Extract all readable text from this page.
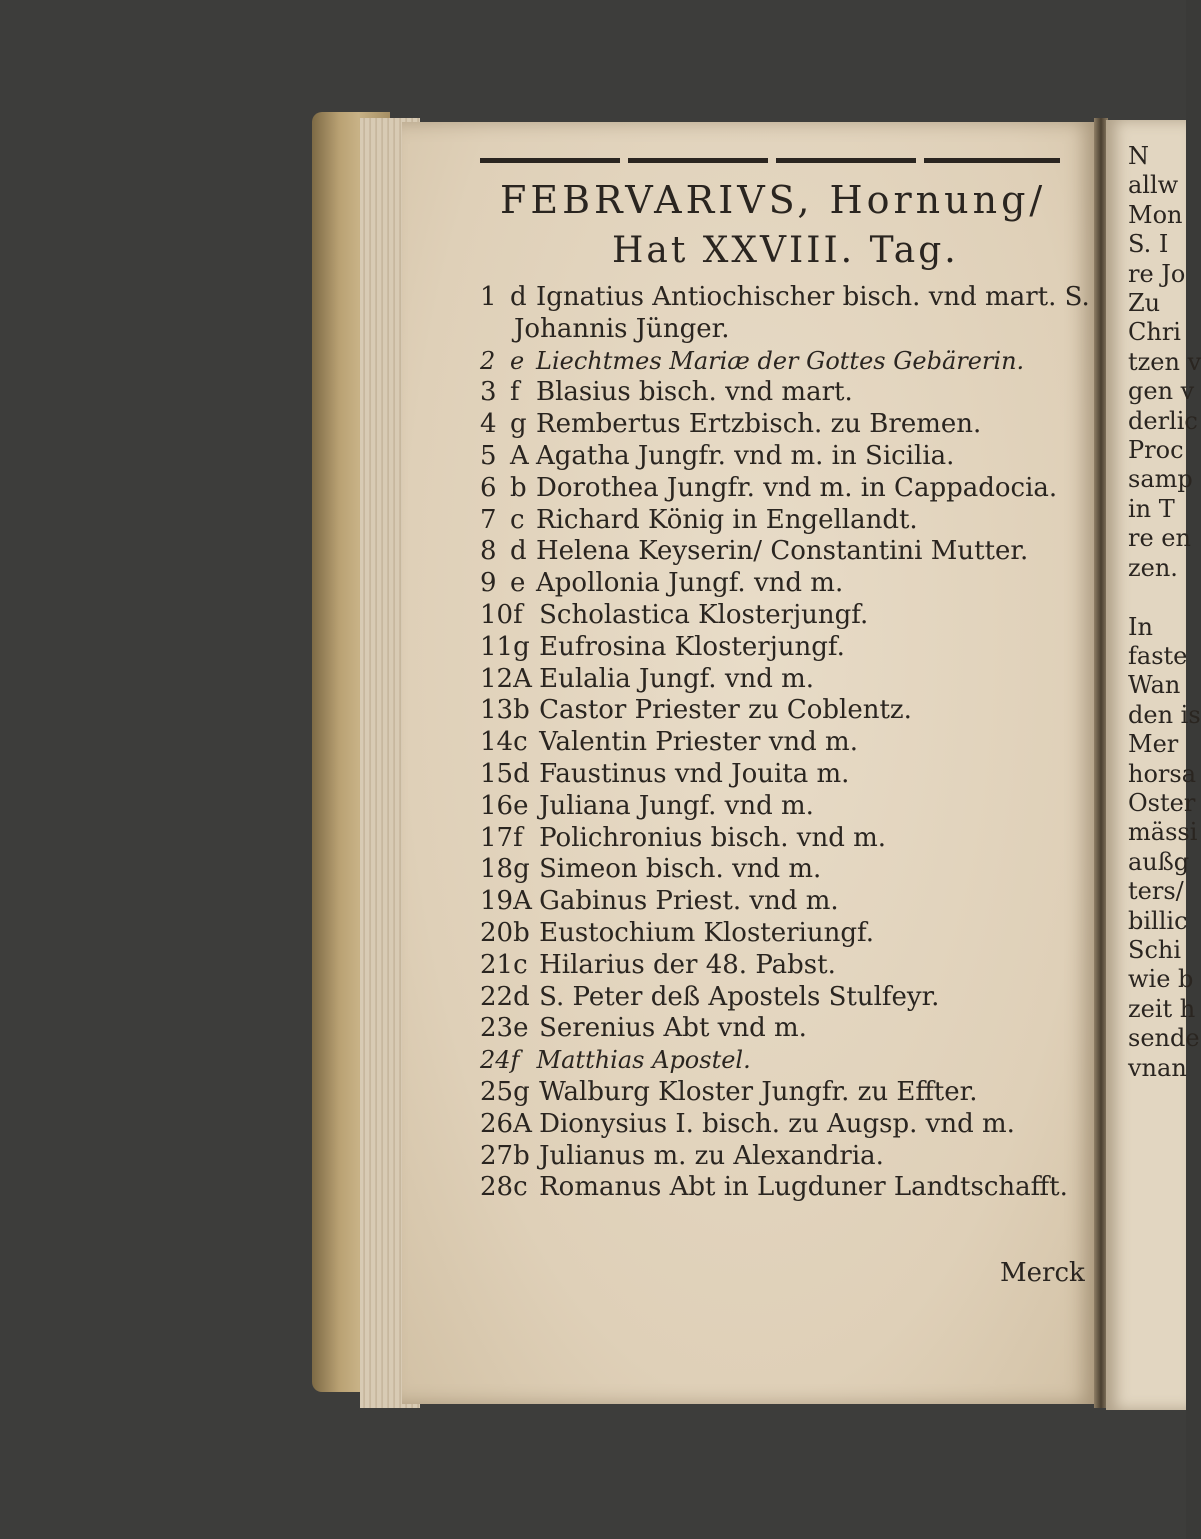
FEBRVARIVS, Hornung/
Hat XXVIII. Tag.
1 d Ignatius Antiochischer bisch. vnd mart. S.
Johannis Jünger.
2 e Liechtmes Mariæ der Gottes Gebärerin.
3 f Blasius bisch. vnd mart.
4 g Rembertus Ertzbisch. zu Bremen.
5 A Agatha Jungfr. vnd m. in Sicilia.
6 b Dorothea Jungfr. vnd m. in Cappadocia.
7 c Richard König in Engellandt.
8 d Helena Keyserin/ Constantini Mutter.
9 e Apollonia Jungf. vnd m.
10f Scholastica Klosterjungf.
11g Eufrosina Klosterjungf.
12A Eulalia Jungf. vnd m.
13b Castor Priester zu Coblentz.
14c Valentin Priester vnd m.
15d Faustinus vnd Jouita m.
16e Juliana Jungf. vnd m.
17f Polichronius bisch. vnd m.
18g Simeon bisch. vnd m.
19A Gabinus Priest. vnd m.
20b Eustochium Klosteriungf.
21c Hilarius der 48. Pabst.
22d S. Peter deß Apostels Stulfeyr.
23e Serenius Abt vnd m.
24f Matthias Apostel.
25g Walburg Kloster Jungfr. zu Effter.
26A Dionysius I. bisch. zu Augsp. vnd m.
27b Julianus m. zu Alexandria.
28c Romanus Abt in Lugduner Landtschafft.
Merck
N
allw
Mon
S. I
re Jo
Zu
Chri
tzen v
gen v
derlic
Proc
samp
in T
re en
zen.

In
faste
Wan
den is
Mer
horsa
Oster
mässi
außg
ters/
billic
Schi
wie b
zeit h
sende
vnan
